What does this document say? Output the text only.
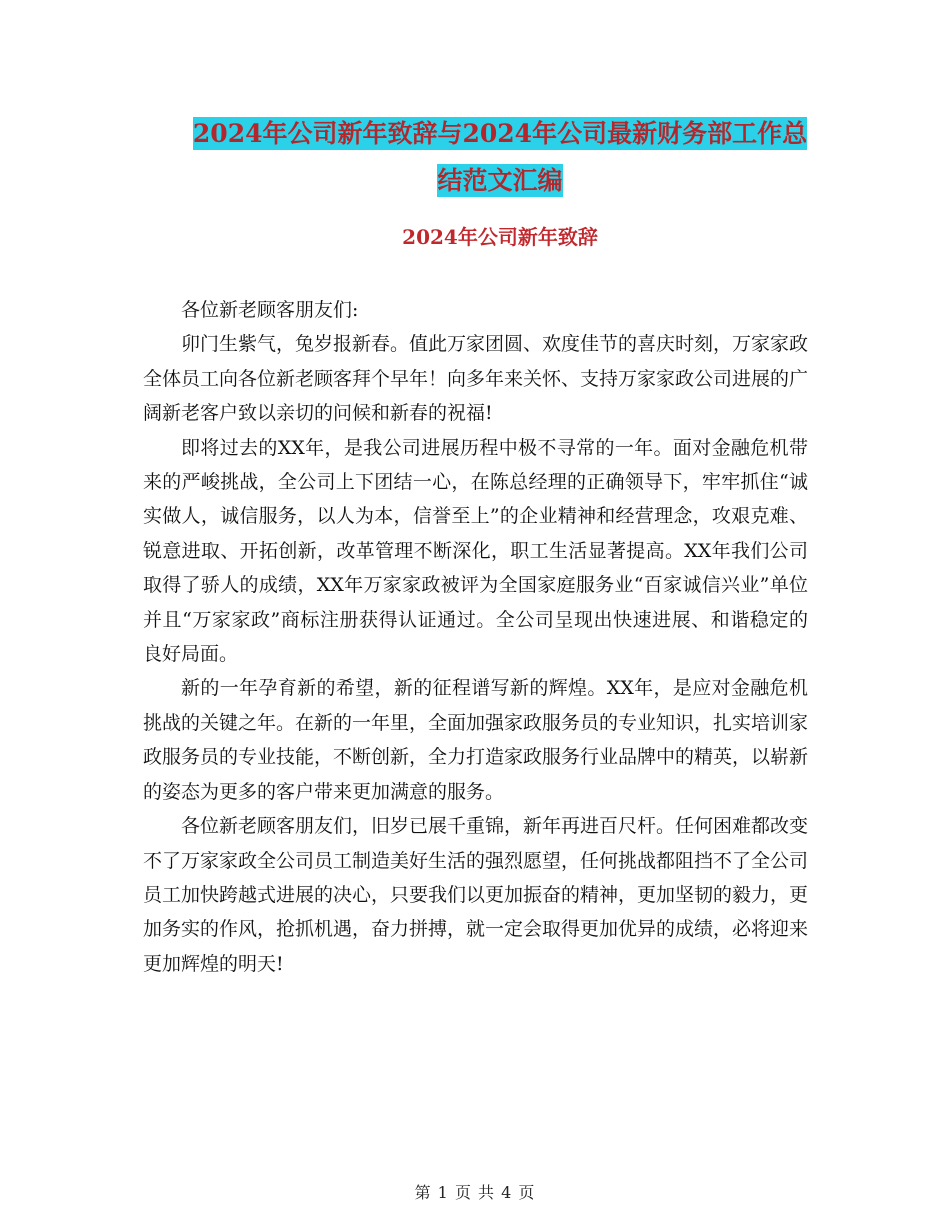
2024年公司新年致辞与2024年公司最新财务部工作总
结范文汇编
2024年公司新年致辞

各位新老顾客朋友们:

卯门生紫气，兔岁报新春。值此万家团圆、欢度佳节的喜庆时刻，万家家政全体员工向各位新老顾客拜个早年！向多年来关怀、支持万家家政公司进展的广阔新老客户致以亲切的问候和新春的祝福!

即将过去的XX年，是我公司进展历程中极不寻常的一年。面对金融危机带来的严峻挑战，全公司上下团结一心，在陈总经理的正确领导下，牢牢抓住“诚实做人，诚信服务，以人为本，信誉至上”的企业精神和经营理念，攻艰克难、锐意进取、开拓创新，改革管理不断深化，职工生活显著提高。XX年我们公司取得了骄人的成绩，XX年万家家政被评为全国家庭服务业“百家诚信兴业”单位并且“万家家政”商标注册获得认证通过。全公司呈现出快速进展、和谐稳定的良好局面。

新的一年孕育新的希望，新的征程谱写新的辉煌。XX年，是应对金融危机挑战的关键之年。在新的一年里，全面加强家政服务员的专业知识，扎实培训家政服务员的专业技能，不断创新，全力打造家政服务行业品牌中的精英，以崭新的姿态为更多的客户带来更加满意的服务。

各位新老顾客朋友们，旧岁已展千重锦，新年再进百尺杆。任何困难都改变不了万家家政全公司员工制造美好生活的强烈愿望，任何挑战都阻挡不了全公司员工加快跨越式进展的决心，只要我们以更加振奋的精神，更加坚韧的毅力，更加务实的作风，抢抓机遇，奋力拼搏，就一定会取得更加优异的成绩，必将迎来更加辉煌的明天!

第 1 页 共 4 页
